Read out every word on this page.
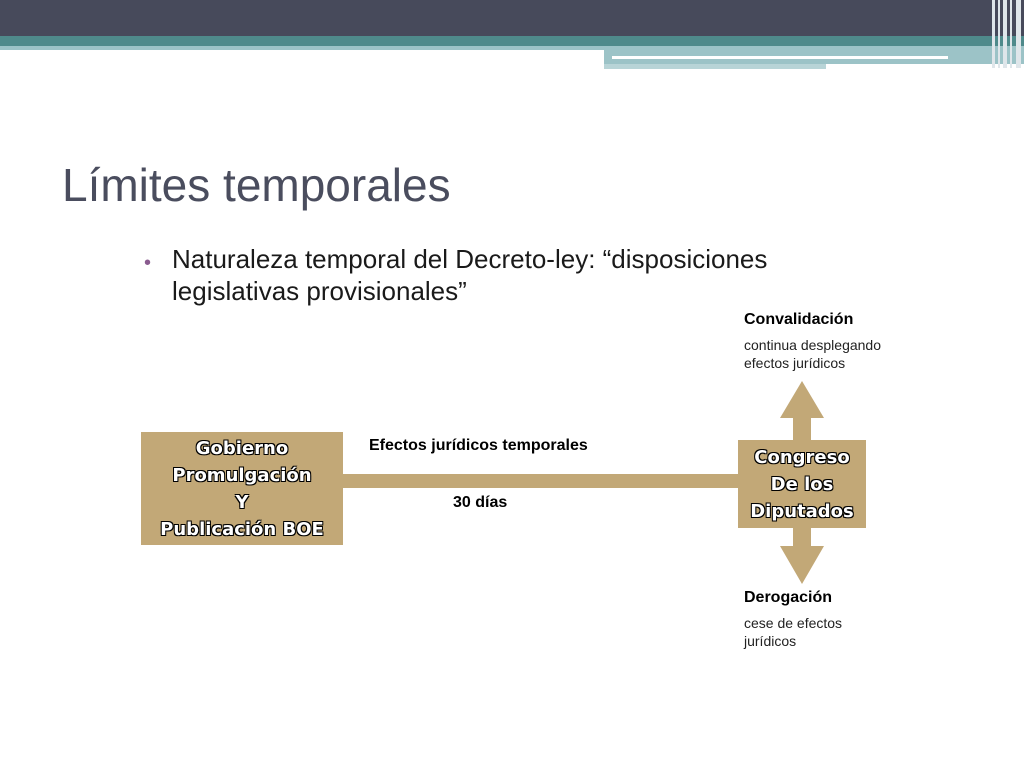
Límites temporales
• Naturaleza temporal del Decreto-ley: “disposiciones legislativas provisionales”

Gobierno
Promulgación
Y
Publicación BOE
Congreso
De los
Diputados
Efectos jurídicos temporales
30 días
Convalidación
continua desplegando
efectos jurídicos
Derogación
cese de efectos
jurídicos
